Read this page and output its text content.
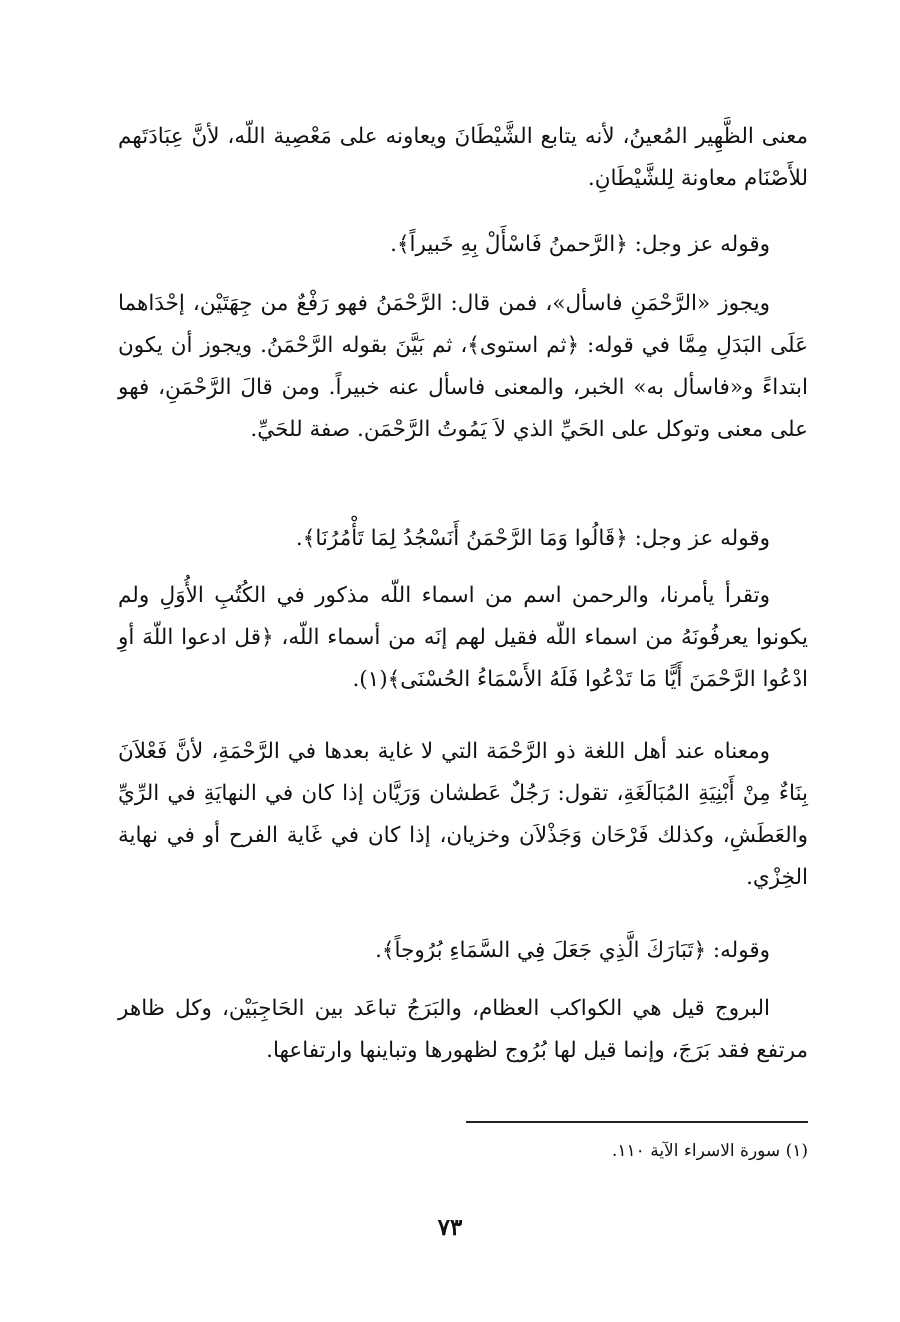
معنى الظَّهِير المُعينُ، لأنه يتابع الشَّيْطَانَ ويعاونه على مَعْصِية اللّه، لأنَّ عِبَادَتَهم للأَصْنَام معاونة لِلشَّيْطَانِ.

وقوله عز وجل: ﴿الرَّحمنُ فَاسْأَلْ بِهِ خَبيراً﴾.

ويجوز «الرَّحْمَنِ فاسأل»، فمن قال: الرَّحْمَنُ فهو رَفْعٌ من جِهَتَيْن، إحْدَاهما عَلَى البَدَلِ مِمَّا في قوله: ﴿ثم استوى﴾، ثم بَيَّنَ بقوله الرَّحْمَنُ. ويجوز أن يكون ابتداءً و«فاسأل به» الخبر، والمعنى فاسأل عنه خبيراً. ومن قالَ الرَّحْمَنِ، فهو على معنى وتوكل على الحَيِّ الذي لاَ يَمُوتُ الرَّحْمَن. صفة للحَيِّ.

وقوله عز وجل: ﴿قَالُوا وَمَا الرَّحْمَنُ أَنَسْجُدُ لِمَا تَأْمُرُنَا﴾.

وتقرأ يأمرنا، والرحمن اسم من اسماء اللّه مذكور في الكُتُبِ الأُوَلِ ولم يكونوا يعرفُونَهُ من اسماء اللّه فقيل لهم إنَه من أسماء اللّه، ﴿قل ادعوا اللّهَ أوِ ادْعُوا الرَّحْمَنَ أَيًّا مَا تَدْعُوا فَلَهُ الأَسْمَاءُ الحُسْنَى﴾(١).

ومعناه عند أهل اللغة ذو الرَّحْمَة التي لا غاية بعدها في الرَّحْمَةِ، لأنَّ فَعْلاَنَ بِنَاءٌ مِنْ أَبْنِيَةِ المُبَالَغَةِ، تقول: رَجُلٌ عَطشان وَرَيَّان إذا كان في النهايَةِ في الرِّيِّ والعَطَشِ، وكذلك فَرْحَان وَجَذْلاَن وخزيان، إذا كان في غَاية الفرح أو في نهاية الخِزْي.

وقوله: ﴿تَبَارَكَ الَّذِي جَعَلَ فِي السَّمَاءِ بُرُوجاً﴾.

البروج قيل هي الكواكب العظام، والبَرَجُ تباعَد بين الحَاجِبَيْن، وكل ظاهر مرتفع فقد بَرَجَ، وإنما قيل لها بُرُوج لظهورها وتباينها وارتفاعها.

(١) سورة الاسراء الآية ١١٠.
٧٣
